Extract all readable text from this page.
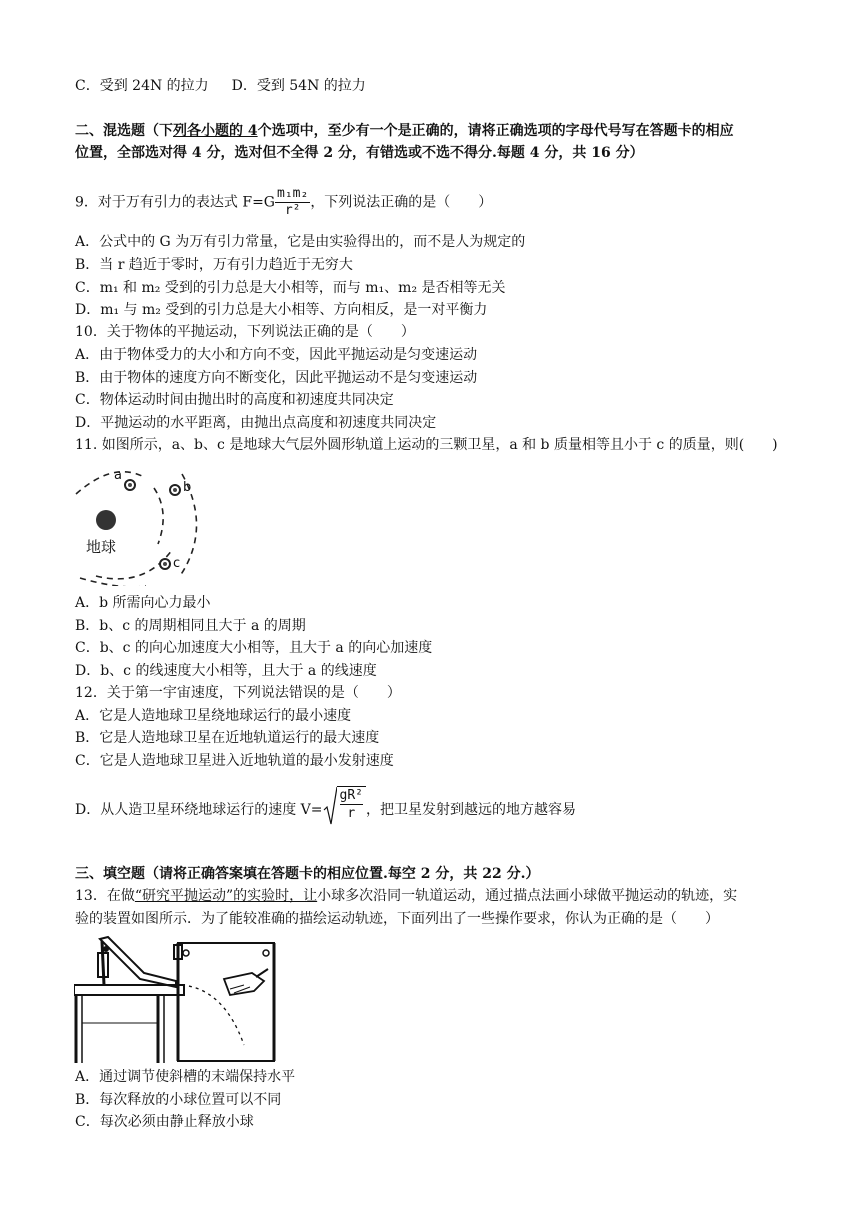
C．受到 24N 的拉力 D．受到 54N 的拉力
二、混选题（下列各小题的 4个选项中，至少有一个是正确的，请将正确选项的字母代号写在答题卡的相应
位置，全部选对得 4 分，选对但不全得 2 分，有错选或不选不得分.每题 4 分，共 16 分）
9．对于万有引力的表达式 $F=G \frac{\text{m₁m₂}}{\text{r²}}$ ，下列说法正确的是（　　）
A．公式中的 G 为万有引力常量，它是由实验得出的，而不是人为规定的
B．当 r 趋近于零时，万有引力趋近于无穷大
C．m₁ 和 m₂ 受到的引力总是大小相等，而与 m₁、m₂ 是否相等无关
D．m₁ 与 m₂ 受到的引力总是大小相等、方向相反，是一对平衡力
10．关于物体的平抛运动，下列说法正确的是（　　）
A．由于物体受力的大小和方向不变，因此平抛运动是匀变速运动
B．由于物体的速度方向不断变化，因此平抛运动不是匀变速运动
C．物体运动时间由抛出时的高度和初速度共同决定
D．平抛运动的水平距离，由抛出点高度和初速度共同决定
11. 如图所示，a、b、c 是地球大气层外圆形轨道上运动的三颗卫星，a 和 b 质量相等且小于 c 的质量，则(　　)
地球
a
b
c
A．b 所需向心力最小
B．b、c 的周期相同且大于 a 的周期
C．b、c 的向心加速度大小相等，且大于 a 的向心加速度
D．b、c 的线速度大小相等，且大于 a 的线速度
12．关于第一宇宙速度，下列说法错误的是（　　）
A．它是人造地球卫星绕地球运行的最小速度
B．它是人造地球卫星在近地轨道运行的最大速度
C．它是人造地球卫星进入近地轨道的最小发射速度
D．从人造卫星环绕地球运行的速度 $V= \frac{\text{gR²}}{r}$ ，把卫星发射到越远的地方越容易
三、填空题（请将正确答案填在答题卡的相应位置.每空 2 分，共 22 分.）
13．在做“研究平抛运动”的实验时，让小球多次沿同一轨道运动，通过描点法画小球做平抛运动的轨迹，实
验的装置如图所示．为了能较准确的描绘运动轨迹，下面列出了一些操作要求，你认为正确的是（　　）
A．通过调节使斜槽的末端保持水平
B．每次释放的小球位置可以不同
C．每次必须由静止释放小球
